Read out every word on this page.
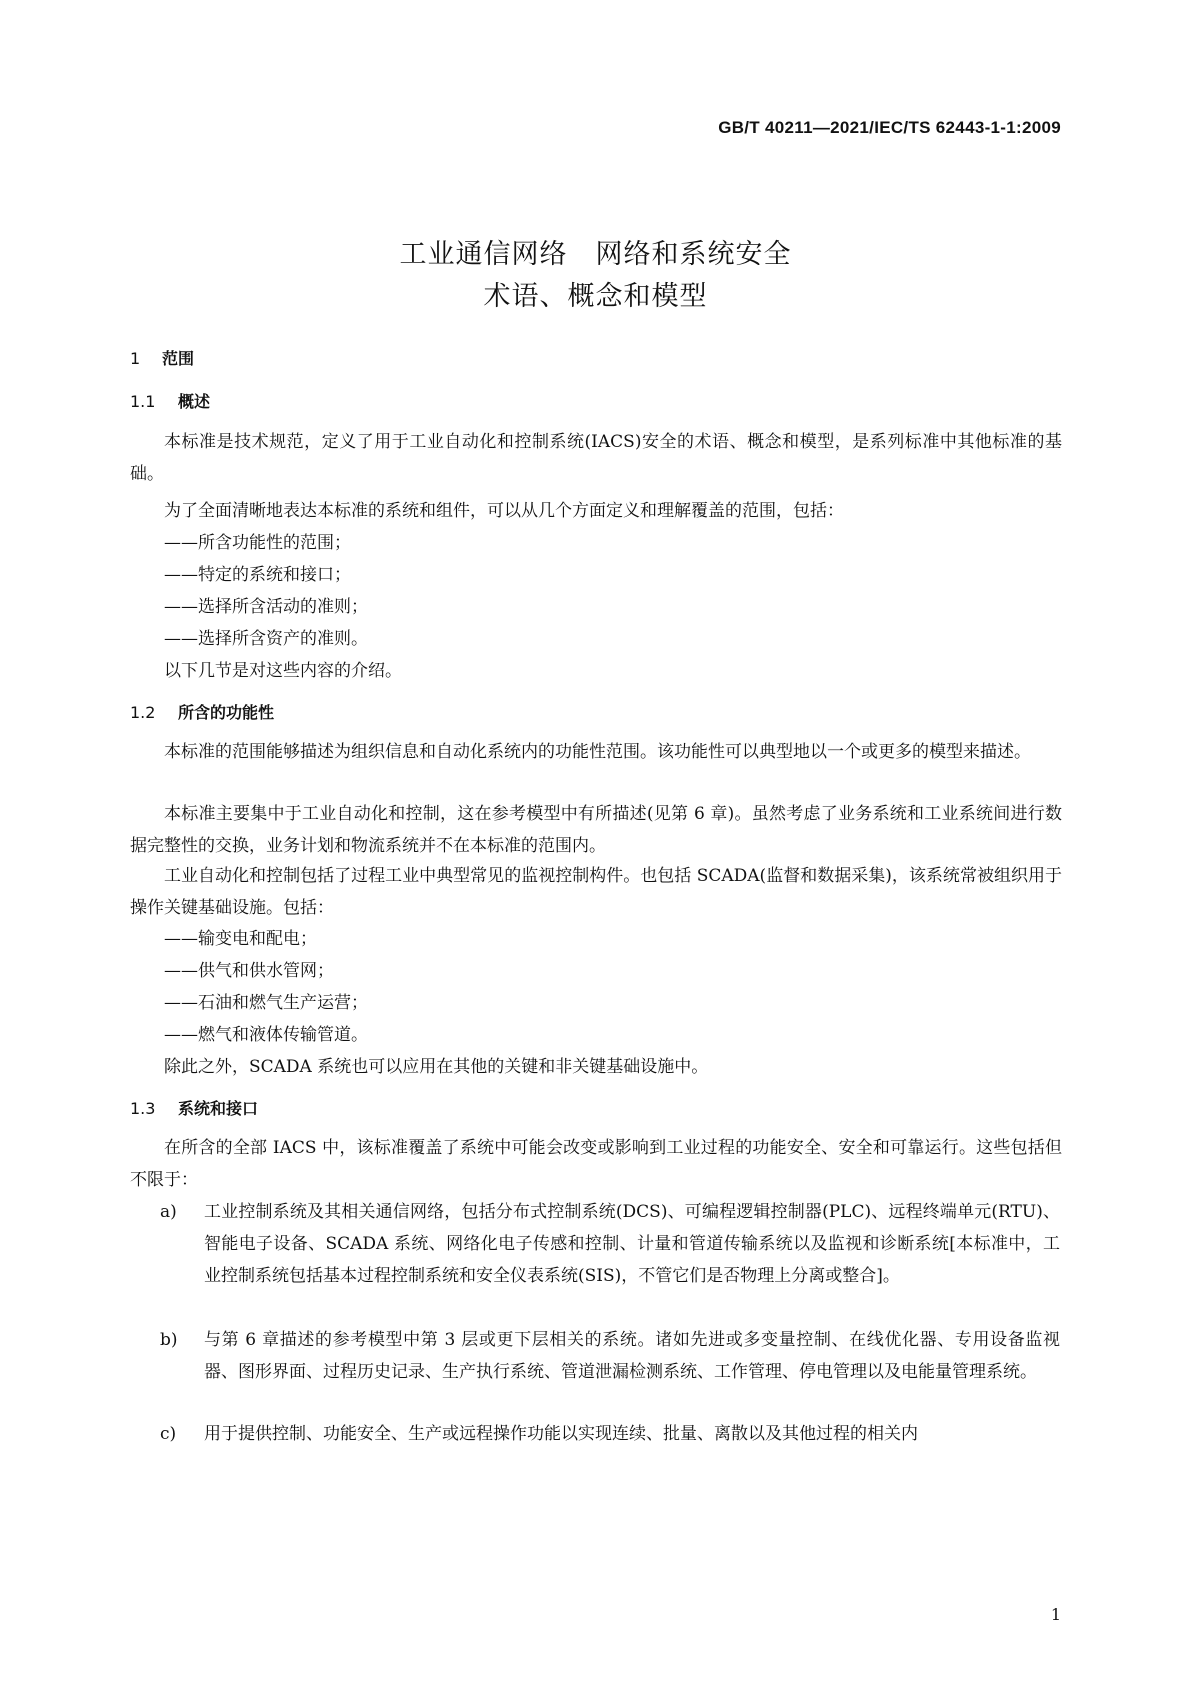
GB/T 40211—2021/IEC/TS 62443-1-1:2009
工业通信网络　网络和系统安全
术语、概念和模型
1 范围
1.1 概述
本标准是技术规范，定义了用于工业自动化和控制系统(IACS)安全的术语、概念和模型，是系列标准中其他标准的基础。
为了全面清晰地表达本标准的系统和组件，可以从几个方面定义和理解覆盖的范围，包括：
——所含功能性的范围；
——特定的系统和接口；
——选择所含活动的准则；
——选择所含资产的准则。
以下几节是对这些内容的介绍。
1.2 所含的功能性
本标准的范围能够描述为组织信息和自动化系统内的功能性范围。该功能性可以典型地以一个或更多的模型来描述。
本标准主要集中于工业自动化和控制，这在参考模型中有所描述(见第 6 章)。虽然考虑了业务系统和工业系统间进行数据完整性的交换，业务计划和物流系统并不在本标准的范围内。
工业自动化和控制包括了过程工业中典型常见的监视控制构件。也包括 SCADA(监督和数据采集)，该系统常被组织用于操作关键基础设施。包括：
——输变电和配电；
——供气和供水管网；
——石油和燃气生产运营；
——燃气和液体传输管道。
除此之外，SCADA 系统也可以应用在其他的关键和非关键基础设施中。
1.3 系统和接口
在所含的全部 IACS 中，该标准覆盖了系统中可能会改变或影响到工业过程的功能安全、安全和可靠运行。这些包括但不限于：
a)	工业控制系统及其相关通信网络，包括分布式控制系统(DCS)、可编程逻辑控制器(PLC)、远程终端单元(RTU)、智能电子设备、SCADA 系统、网络化电子传感和控制、计量和管道传输系统以及监视和诊断系统[本标准中，工业控制系统包括基本过程控制系统和安全仪表系统(SIS)，不管它们是否物理上分离或整合]。
b)	与第 6 章描述的参考模型中第 3 层或更下层相关的系统。诸如先进或多变量控制、在线优化器、专用设备监视器、图形界面、过程历史记录、生产执行系统、管道泄漏检测系统、工作管理、停电管理以及电能量管理系统。
c)	用于提供控制、功能安全、生产或远程操作功能以实现连续、批量、离散以及其他过程的相关内
1
